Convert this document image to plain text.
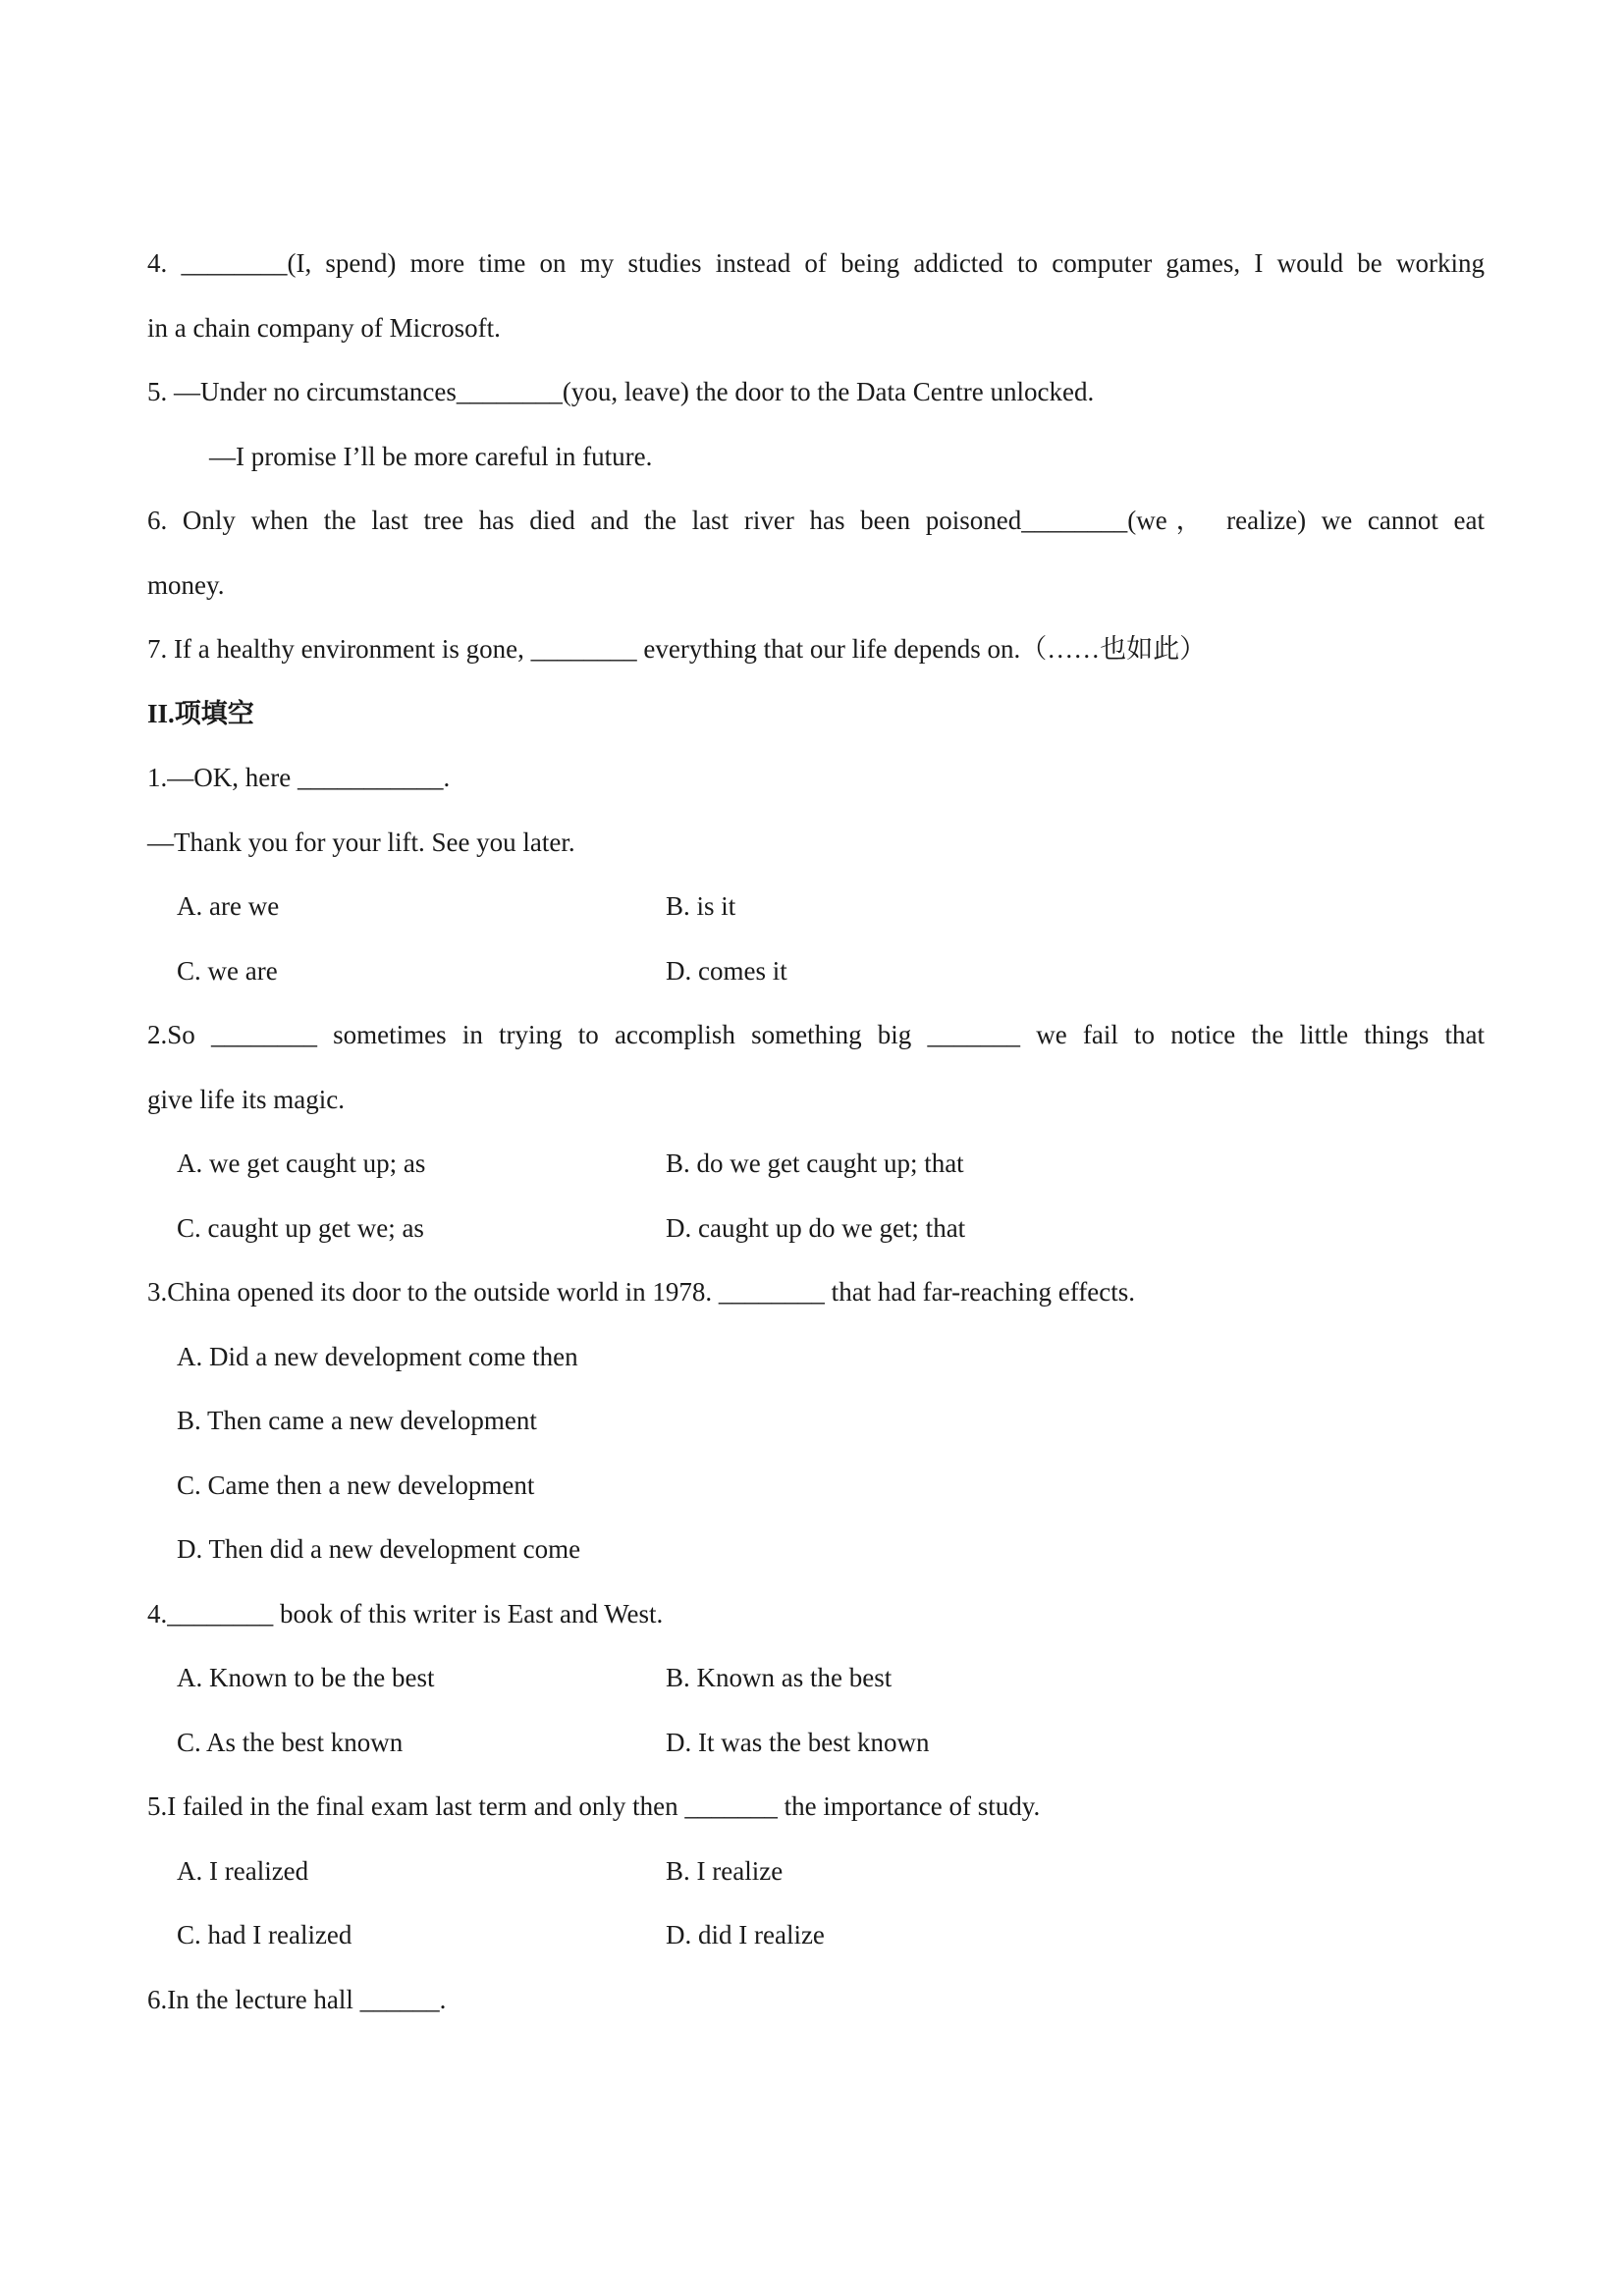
4. ________(I, spend) more time on my studies instead of being addicted to computer games, I would be working
in a chain company of Microsoft.
5. —Under no circumstances________(you, leave) the door to the Data Centre unlocked.
—I promise I’ll be more careful in future.
6. Only when the last tree has died and the last river has been poisoned________(we， realize) we cannot eat
money.
7. If a healthy environment is gone, ________ everything that our life depends on.（……也如此）
II.项填空
1.—OK, here ___________.
—Thank you for your lift. See you later.
A. are we	B. is it
C. we are	D. comes it
2.So ________ sometimes in trying to accomplish something big _______ we fail to notice the little things that
give life its magic.
A. we get caught up; as	B. do we get caught up; that
C. caught up get we; as	D. caught up do we get; that
3.China opened its door to the outside world in 1978. ________ that had far-reaching effects.
A. Did a new development come then
B. Then came a new development
C. Came then a new development
D. Then did a new development come
4.________ book of this writer is East and West.
A. Known to be the best	B. Known as the best
C. As the best known	D. It was the best known
5.I failed in the final exam last term and only then _______ the importance of study.
A. I realized	B. I realize
C. had I realized	D. did I realize
6.In the lecture hall ______.
